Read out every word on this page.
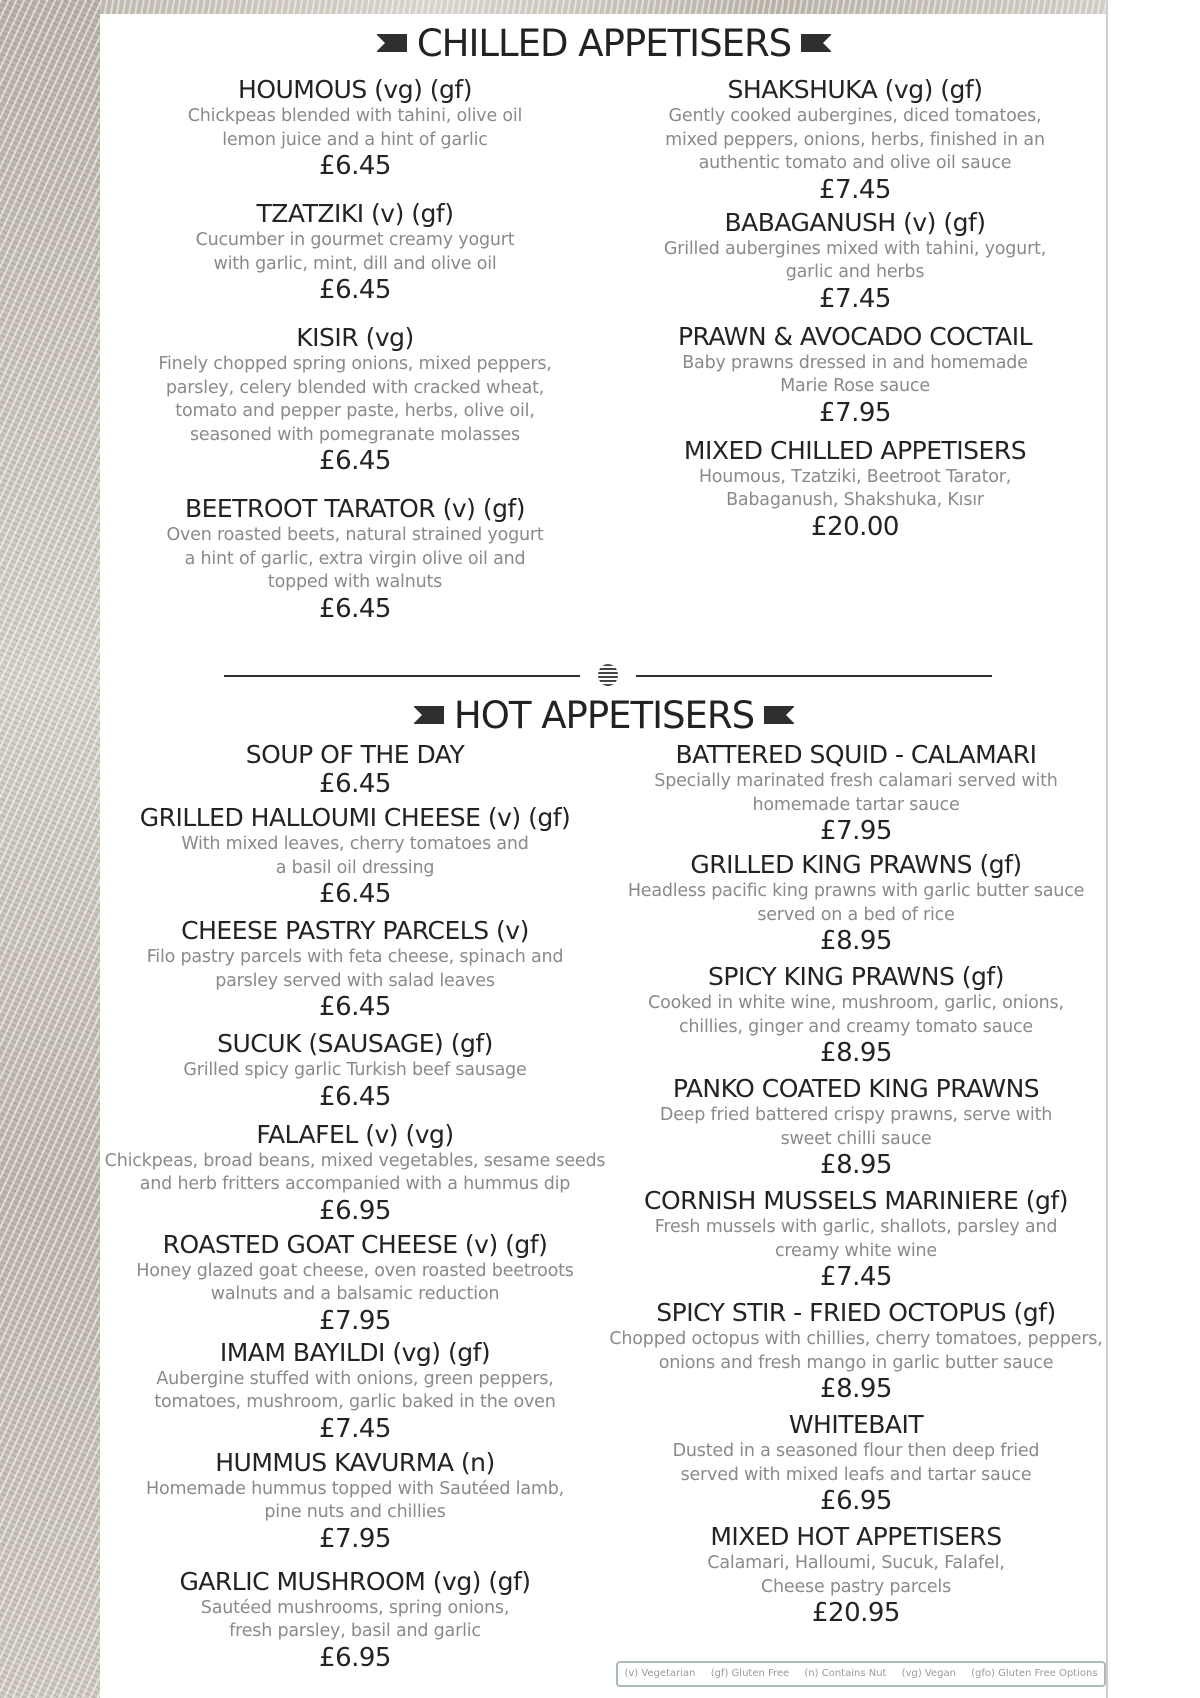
CHILLED APPETISERS
HOUMOUS (vg) (gf)
Chickpeas blended with tahini, olive oil
lemon juice and a hint of garlic
£6.45
TZATZIKI (v) (gf)
Cucumber in gourmet creamy yogurt
with garlic, mint, dill and olive oil
£6.45
KISIR (vg)
Finely chopped spring onions, mixed peppers,
parsley, celery blended with cracked wheat,
tomato and pepper paste, herbs, olive oil,
seasoned with pomegranate molasses
£6.45
BEETROOT TARATOR (v) (gf)
Oven roasted beets, natural strained yogurt
a hint of garlic, extra virgin olive oil and
topped with walnuts
£6.45
SHAKSHUKA (vg) (gf)
Gently cooked aubergines, diced tomatoes,
mixed peppers, onions, herbs, finished in an
authentic tomato and olive oil sauce
£7.45
BABAGANUSH (v) (gf)
Grilled aubergines mixed with tahini, yogurt,
garlic and herbs
£7.45
PRAWN & AVOCADO COCTAIL
Baby prawns dressed in and homemade
Marie Rose sauce
£7.95
MIXED CHILLED APPETISERS
Houmous, Tzatziki, Beetroot Tarator,
Babaganush, Shakshuka, Kısır
£20.00
HOT APPETISERS
SOUP OF THE DAY
£6.45
GRILLED HALLOUMI CHEESE (v) (gf)
With mixed leaves, cherry tomatoes and
a basil oil dressing
£6.45
CHEESE PASTRY PARCELS (v)
Filo pastry parcels with feta cheese, spinach and
parsley served with salad leaves
£6.45
SUCUK (SAUSAGE) (gf)
Grilled spicy garlic Turkish beef sausage
£6.45
FALAFEL (v) (vg)
Chickpeas, broad beans, mixed vegetables, sesame seeds
and herb fritters accompanied with a hummus dip
£6.95
ROASTED GOAT CHEESE (v) (gf)
Honey glazed goat cheese, oven roasted beetroots
walnuts and a balsamic reduction
£7.95
IMAM BAYILDI (vg) (gf)
Aubergine stuffed with onions, green peppers,
tomatoes, mushroom, garlic baked in the oven
£7.45
HUMMUS KAVURMA (n)
Homemade hummus topped with Sautéed lamb,
pine nuts and chillies
£7.95
GARLIC MUSHROOM (vg) (gf)
Sautéed mushrooms, spring onions,
fresh parsley, basil and garlic
£6.95
BATTERED SQUID - CALAMARI
Specially marinated fresh calamari served with
homemade tartar sauce
£7.95
GRILLED KING PRAWNS (gf)
Headless pacific king prawns with garlic butter sauce
served on a bed of rice
£8.95
SPICY KING PRAWNS (gf)
Cooked in white wine, mushroom, garlic, onions,
chillies, ginger and creamy tomato sauce
£8.95
PANKO COATED KING PRAWNS
Deep fried battered crispy prawns, serve with
sweet chilli sauce
£8.95
CORNISH MUSSELS MARINIERE (gf)
Fresh mussels with garlic, shallots, parsley and
creamy white wine
£7.45
SPICY STIR - FRIED OCTOPUS (gf)
Chopped octopus with chillies, cherry tomatoes, peppers,
onions and fresh mango in garlic butter sauce
£8.95
WHITEBAIT
Dusted in a seasoned flour then deep fried
served with mixed leafs and tartar sauce
£6.95
MIXED HOT APPETISERS
Calamari, Halloumi, Sucuk, Falafel,
Cheese pastry parcels
£20.95
(v) Vegetarian (gf) Gluten Free (n) Contains Nut (vg) Vegan (gfo) Gluten Free Options
